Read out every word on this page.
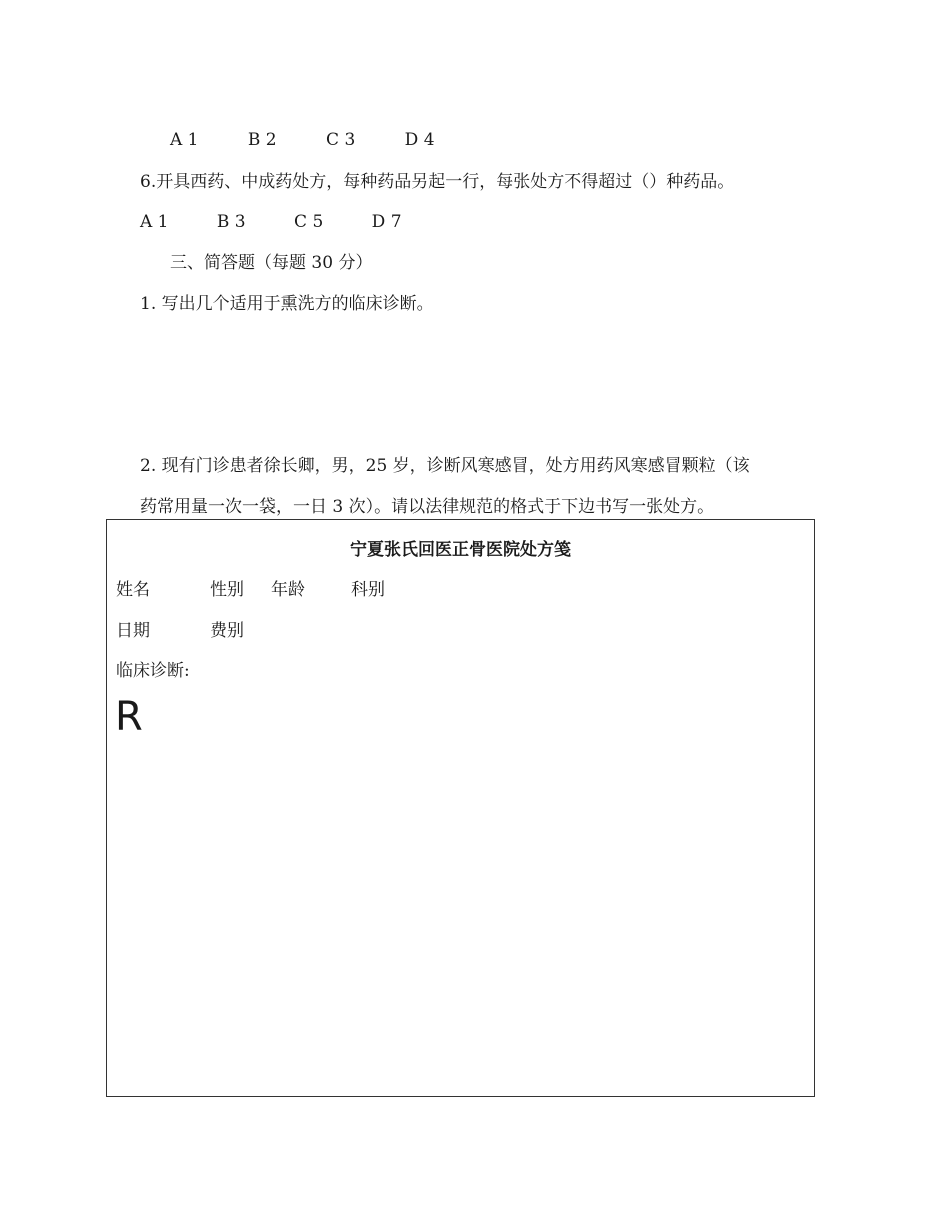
A 1	B 2	C 3	D 4
6.开具西药、中成药处方，每种药品另起一行，每张处方不得超过（）种药品。
A 1	B 3	C 5	D 7
三、简答题（每题 30 分）
1. 写出几个适用于熏洗方的临床诊断。
2. 现有门诊患者徐长卿，男，25 岁，诊断风寒感冒，处方用药风寒感冒颗粒（该
药常用量一次一袋，一日 3 次）。请以法律规范的格式于下边书写一张处方。
宁夏张氏回医正骨医院处方笺
姓名	性别 年龄	科别
日期	费别
临床诊断:
R
